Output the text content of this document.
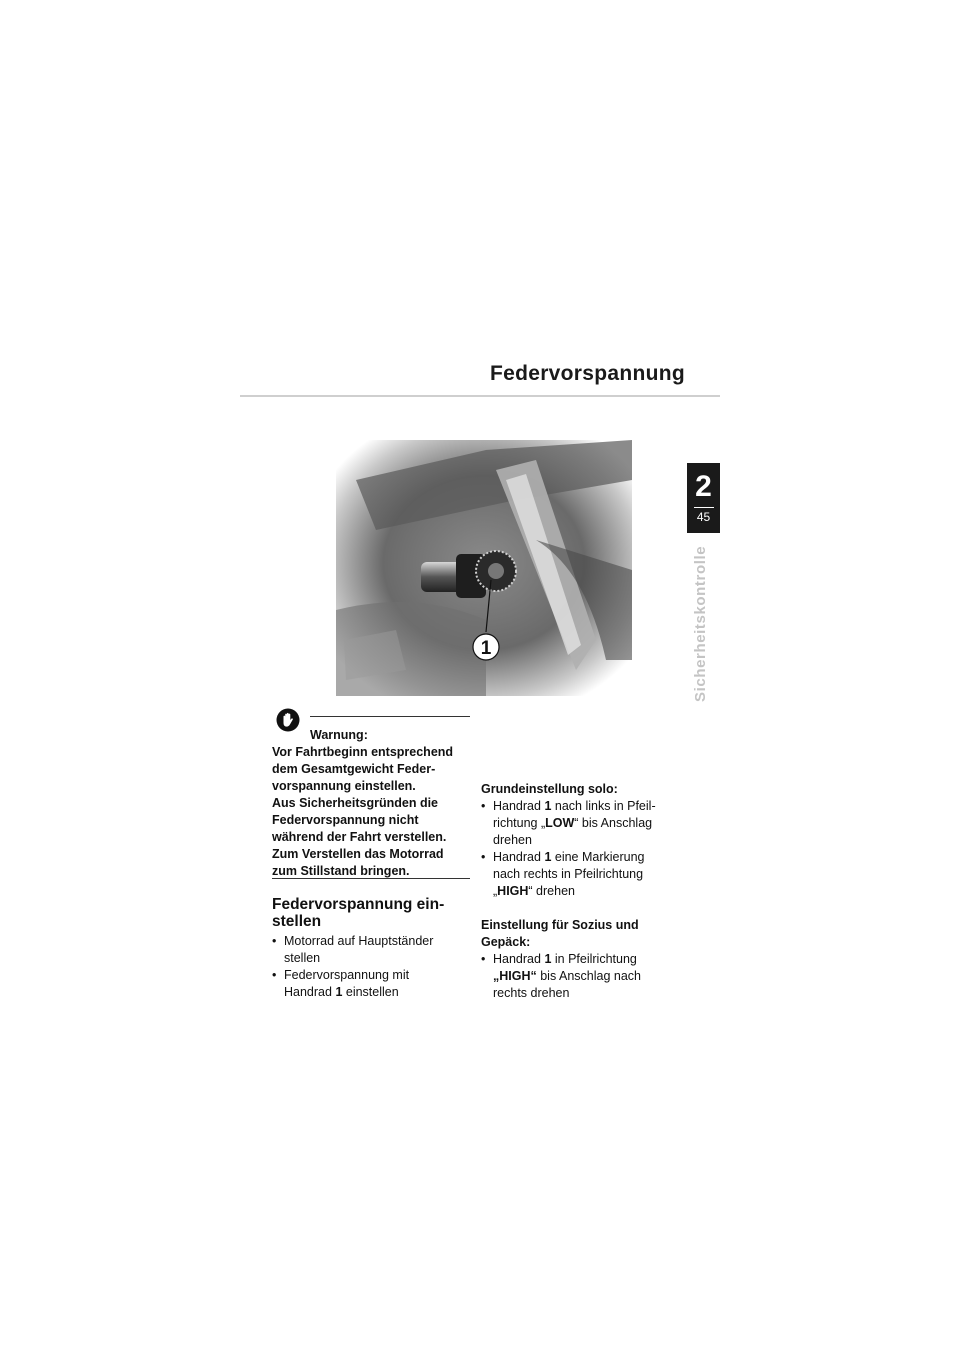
Federvorspannung
2
45
Sicherheitskontrolle
1
Warnung:
Vor Fahrtbeginn entsprechend
dem Gesamtgewicht Feder-
vorspannung einstellen.
Aus Sicherheitsgründen die
Federvorspannung nicht
während der Fahrt verstellen.
Zum Verstellen das Motorrad
zum Stillstand bringen.
Federvorspannung ein-
stellen
• Motorrad auf Hauptständer
stellen
• Federvorspannung mit
Handrad 1 einstellen
Grundeinstellung solo:
• Handrad 1 nach links in Pfeil-
richtung „LOW“ bis Anschlag
drehen
• Handrad 1 eine Markierung
nach rechts in Pfeilrichtung
„HIGH“ drehen
Einstellung für Sozius und
Gepäck:
• Handrad 1 in Pfeilrichtung
„HIGH“ bis Anschlag nach
rechts drehen
